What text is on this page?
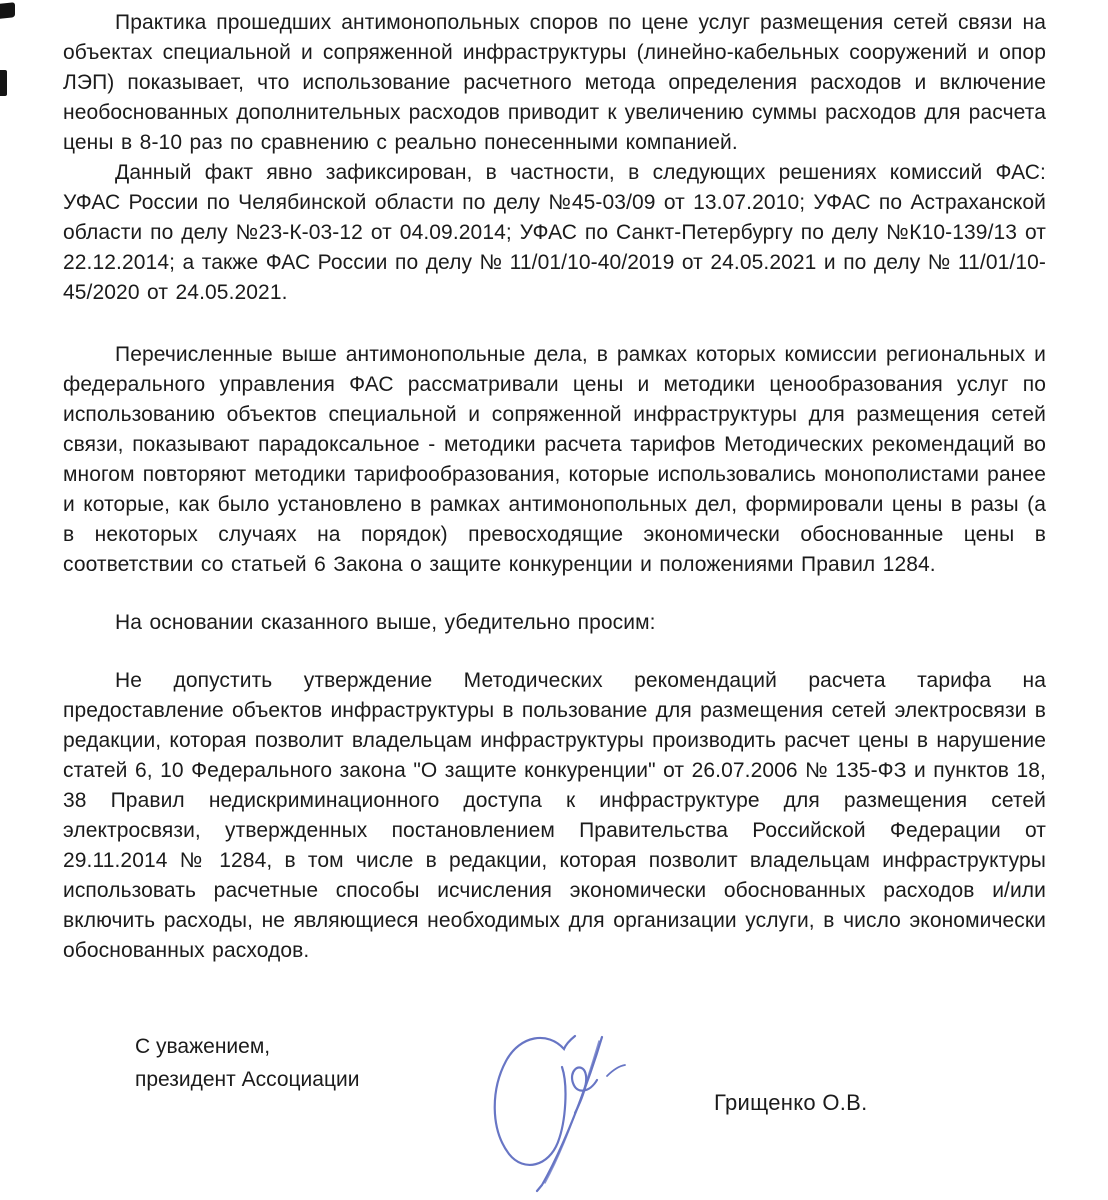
Практика прошедших антимонопольных споров по цене услуг размещения сетей связи на объектах специальной и сопряженной инфраструктуры (линейно-кабельных сооружений и опор ЛЭП) показывает, что использование расчетного метода определения расходов и включение необоснованных дополнительных расходов приводит к увеличению суммы расходов для расчета цены в 8-10 раз по сравнению с реально понесенными компанией.

Данный факт явно зафиксирован, в частности, в следующих решениях комиссий ФАС: УФАС России по Челябинской области по делу №45-03/09 от 13.07.2010; УФАС по Астраханской области по делу №23-К-03-12 от 04.09.2014; УФАС по Санкт-Петербургу по делу №К10-139/13 от 22.12.2014; а также ФАС России по делу № 11/01/10-40/2019 от 24.05.2021 и по делу № 11/01/10-45/2020 от 24.05.2021.

Перечисленные выше антимонопольные дела, в рамках которых комиссии региональных и федерального управления ФАС рассматривали цены и методики ценообразования услуг по использованию объектов специальной и сопряженной инфраструктуры для размещения сетей связи, показывают парадоксальное - методики расчета тарифов Методических рекомендаций во многом повторяют методики тарифообразования, которые использовались монополистами ранее и которые, как было установлено в рамках антимонопольных дел, формировали цены в разы (а в некоторых случаях на порядок) превосходящие экономически обоснованные цены в соответствии со статьей 6 Закона о защите конкуренции и положениями Правил 1284.

На основании сказанного выше, убедительно просим:

Не допустить утверждение Методических рекомендаций расчета тарифа на предоставление объектов инфраструктуры в пользование для размещения сетей электросвязи в редакции, которая позволит владельцам инфраструктуры производить расчет цены в нарушение статей 6, 10 Федерального закона "О защите конкуренции" от 26.07.2006 № 135-ФЗ и пунктов 18, 38 Правил недискриминационного доступа к инфраструктуре для размещения сетей электросвязи, утвержденных постановлением Правительства Российской Федерации от 29.11.2014 № 1284, в том числе в редакции, которая позволит владельцам инфраструктуры использовать расчетные способы исчисления экономически обоснованных расходов и/или включить расходы, не являющиеся необходимых для организации услуги, в число экономически обоснованных расходов.

С уважением,
президент Ассоциации
Грищенко О.В.
